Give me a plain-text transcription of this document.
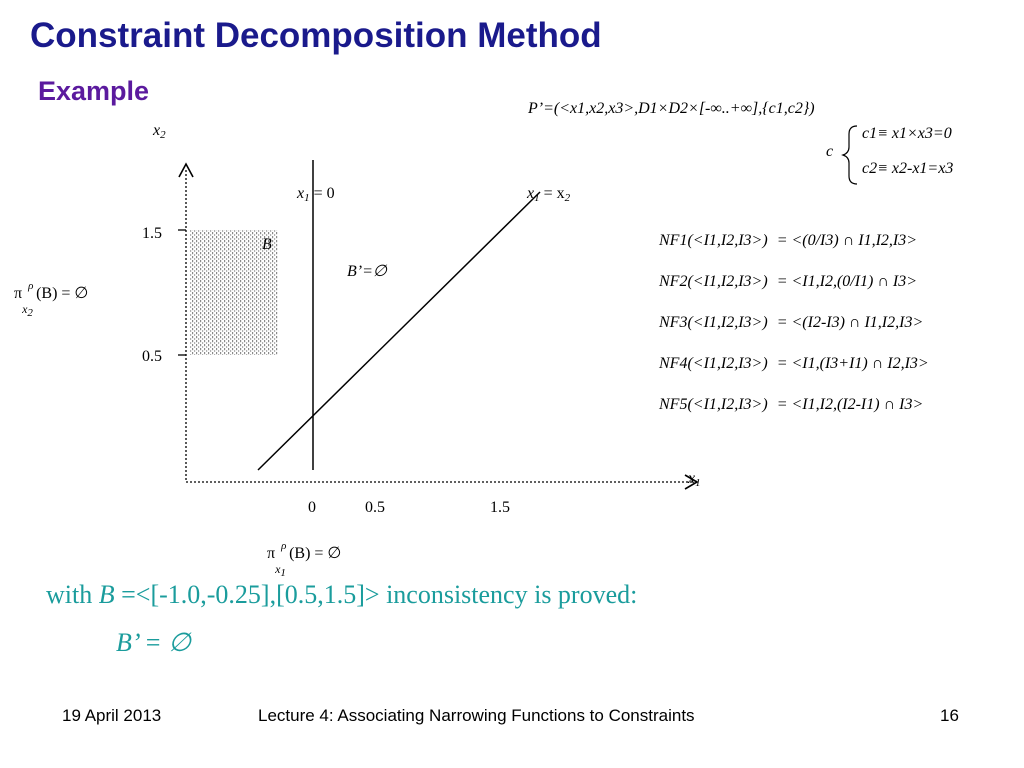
Constraint Decomposition Method
Example
$x_2$
$x_1$
1.5
0.5
0	0.5	1.5
$x_1 = 0$	$x_1 = x_2$
B
B’=∅
π ρ
$x_2$
(B) = ∅
π ρ
$x_1$
(B) = ∅
P’=(<x1,x2,x3>,D1×D2×[-∞..+∞],{c1,c2})
c
c1≡ x1×x3=0
c2≡ x2-x1=x3
NF1(<I1,I2,I3>) = <(0/I3) ∩ I1,I2,I3>
NF2(<I1,I2,I3>) = <I1,I2,(0/I1) ∩ I3>
NF3(<I1,I2,I3>) = <(I2-I3) ∩ I1,I2,I3>
NF4(<I1,I2,I3>) = <I1,(I3+I1) ∩ I2,I3>
NF5(<I1,I2,I3>) = <I1,I2,(I2-I1) ∩ I3>
with B =<[-1.0,-0.25],[0.5,1.5]> inconsistency is proved:
B’ = ∅
19 April 2013	Lecture 4: Associating Narrowing Functions to Constraints	16
